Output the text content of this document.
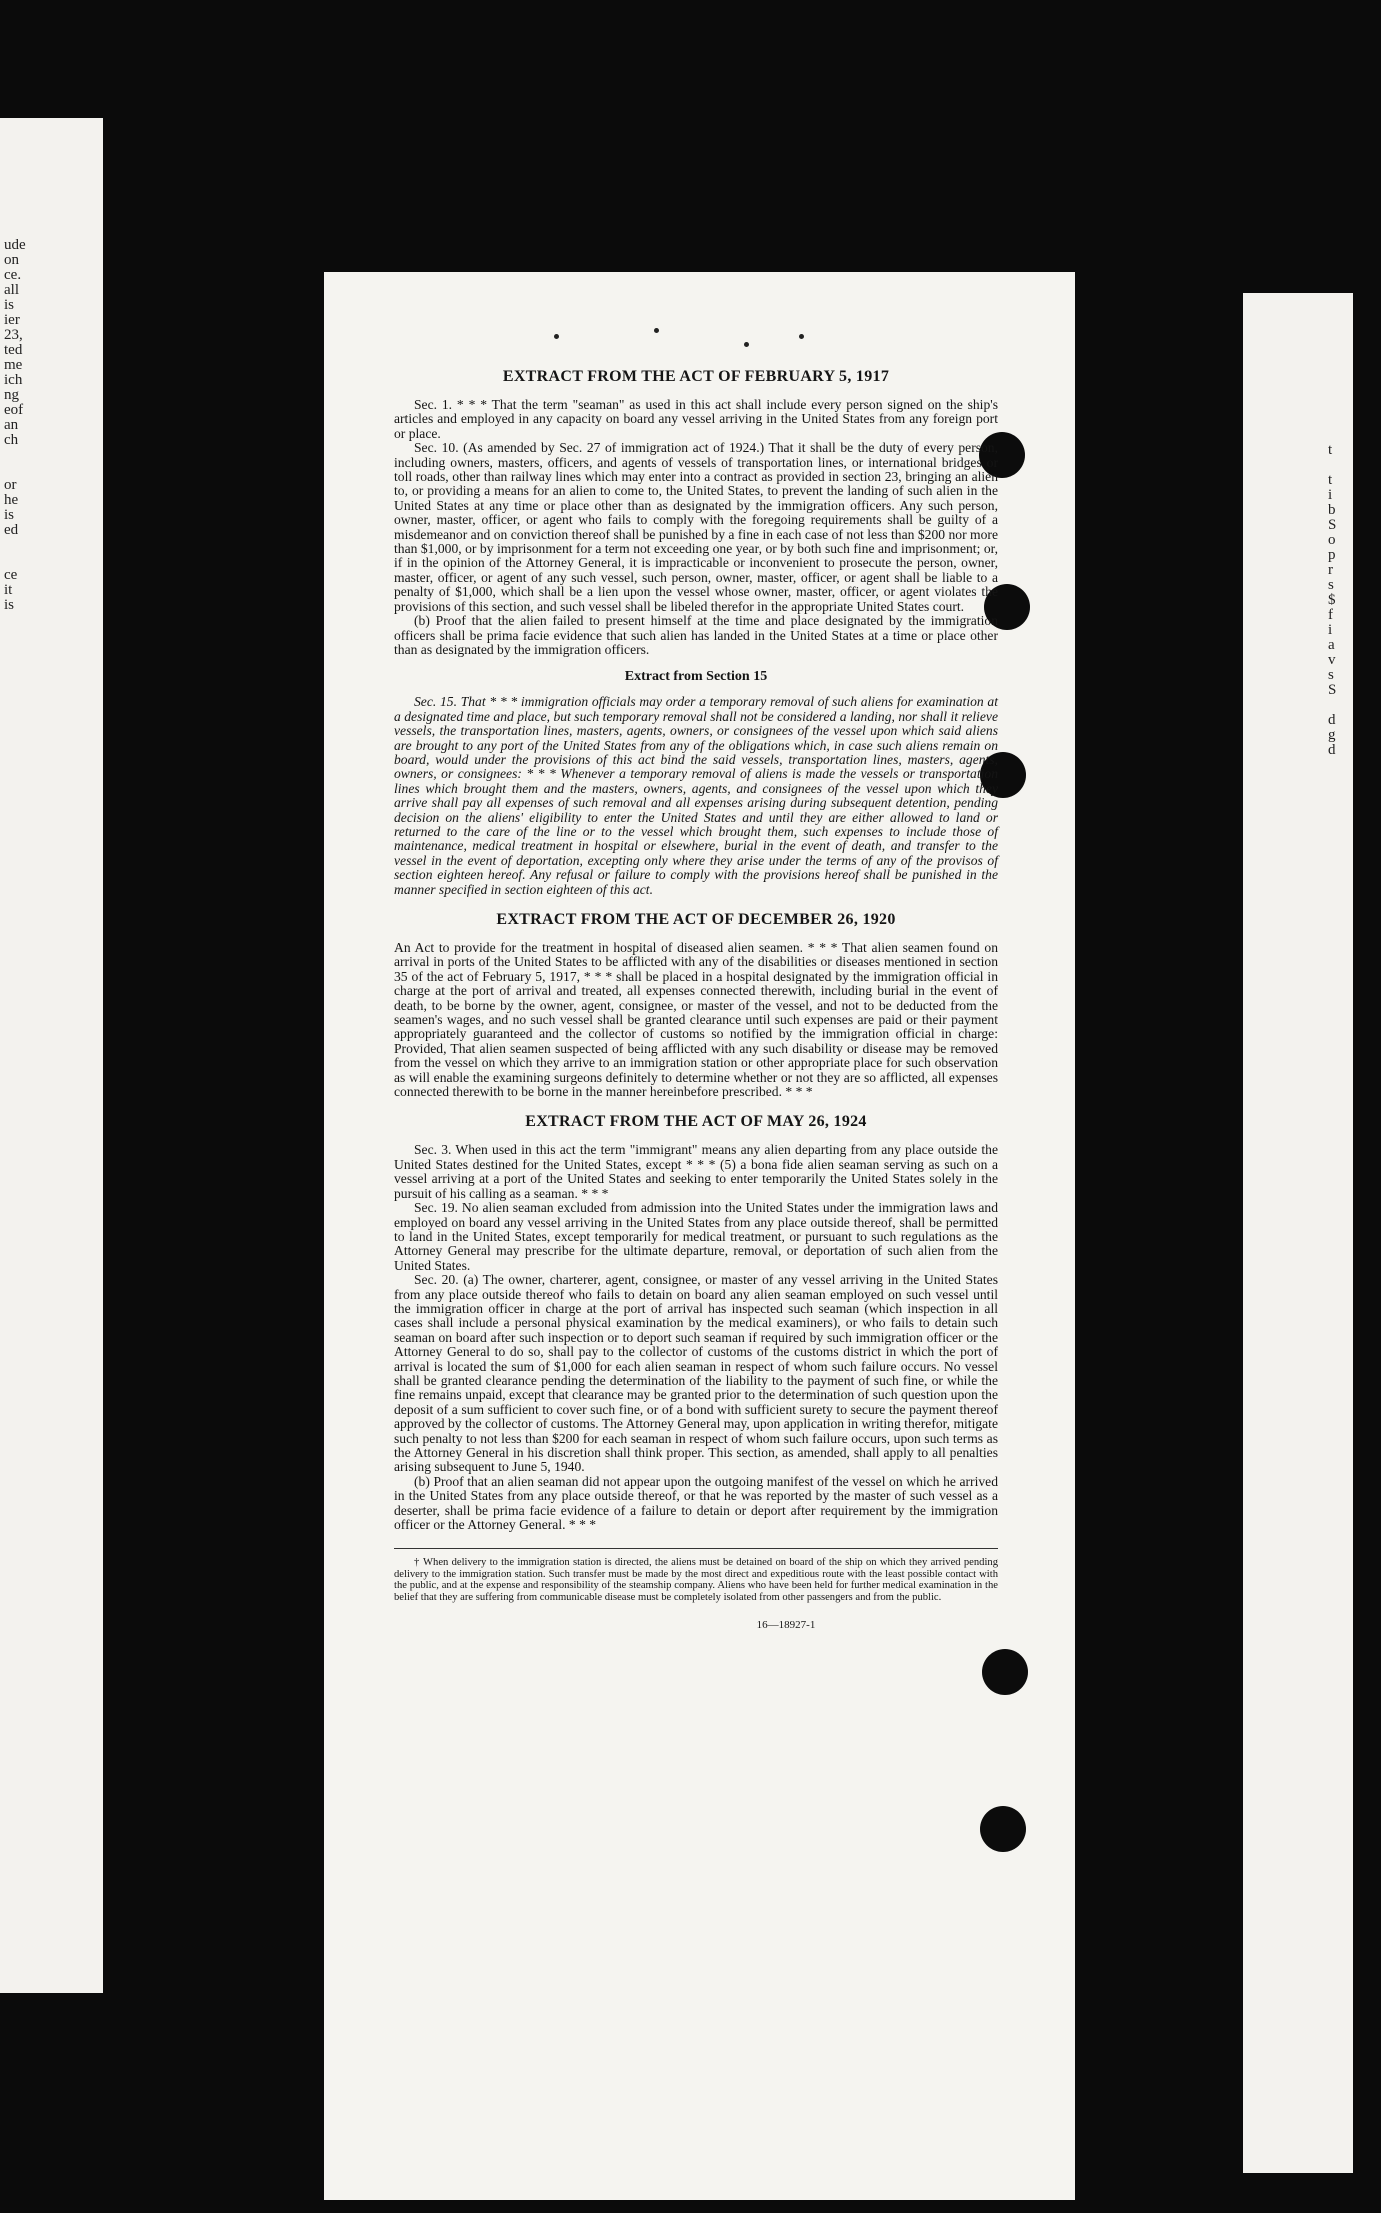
ude
on
ce.
all
is
ier
23,
ted
me
ich
ng
eof
an
ch

or
he
is
ed

ce
it
is
t

t
i
b
S
o
p
r
s
$
f
i
a
v
s
S

d
g
d
EXTRACT FROM THE ACT OF FEBRUARY 5, 1917

Sec. 1. * * * That the term "seaman" as used in this act shall include every person signed on the ship's articles and employed in any capacity on board any vessel arriving in the United States from any foreign port or place.

Sec. 10. (As amended by Sec. 27 of immigration act of 1924.) That it shall be the duty of every person, including owners, masters, officers, and agents of vessels of transportation lines, or international bridges or toll roads, other than railway lines which may enter into a contract as provided in section 23, bringing an alien to, or providing a means for an alien to come to, the United States, to prevent the landing of such alien in the United States at any time or place other than as designated by the immigration officers. Any such person, owner, master, officer, or agent who fails to comply with the foregoing requirements shall be guilty of a misdemeanor and on conviction thereof shall be punished by a fine in each case of not less than $200 nor more than $1,000, or by imprisonment for a term not exceeding one year, or by both such fine and imprisonment; or, if in the opinion of the Attorney General, it is impracticable or inconvenient to prosecute the person, owner, master, officer, or agent of any such vessel, such person, owner, master, officer, or agent shall be liable to a penalty of $1,000, which shall be a lien upon the vessel whose owner, master, officer, or agent violates the provisions of this section, and such vessel shall be libeled therefor in the appropriate United States court.

(b) Proof that the alien failed to present himself at the time and place designated by the immigration officers shall be prima facie evidence that such alien has landed in the United States at a time or place other than as designated by the immigration officers.

Extract from Section 15

Sec. 15. That * * * immigration officials may order a temporary removal of such aliens for examination at a designated time and place, but such temporary removal shall not be considered a landing, nor shall it relieve vessels, the transportation lines, masters, agents, owners, or consignees of the vessel upon which said aliens are brought to any port of the United States from any of the obligations which, in case such aliens remain on board, would under the provisions of this act bind the said vessels, transportation lines, masters, agents, owners, or consignees: * * * Whenever a temporary removal of aliens is made the vessels or transportation lines which brought them and the masters, owners, agents, and consignees of the vessel upon which they arrive shall pay all expenses of such removal and all expenses arising during subsequent detention, pending decision on the aliens' eligibility to enter the United States and until they are either allowed to land or returned to the care of the line or to the vessel which brought them, such expenses to include those of maintenance, medical treatment in hospital or elsewhere, burial in the event of death, and transfer to the vessel in the event of deportation, excepting only where they arise under the terms of any of the provisos of section eighteen hereof. Any refusal or failure to comply with the provisions hereof shall be punished in the manner specified in section eighteen of this act.

EXTRACT FROM THE ACT OF DECEMBER 26, 1920

An Act to provide for the treatment in hospital of diseased alien seamen. * * * That alien seamen found on arrival in ports of the United States to be afflicted with any of the disabilities or diseases mentioned in section 35 of the act of February 5, 1917, * * * shall be placed in a hospital designated by the immigration official in charge at the port of arrival and treated, all expenses connected therewith, including burial in the event of death, to be borne by the owner, agent, consignee, or master of the vessel, and not to be deducted from the seamen's wages, and no such vessel shall be granted clearance until such expenses are paid or their payment appropriately guaranteed and the collector of customs so notified by the immigration official in charge: Provided, That alien seamen suspected of being afflicted with any such disability or disease may be removed from the vessel on which they arrive to an immigration station or other appropriate place for such observation as will enable the examining surgeons definitely to determine whether or not they are so afflicted, all expenses connected therewith to be borne in the manner hereinbefore prescribed. * * *

EXTRACT FROM THE ACT OF MAY 26, 1924

Sec. 3. When used in this act the term "immigrant" means any alien departing from any place outside the United States destined for the United States, except * * * (5) a bona fide alien seaman serving as such on a vessel arriving at a port of the United States and seeking to enter temporarily the United States solely in the pursuit of his calling as a seaman. * * *

Sec. 19. No alien seaman excluded from admission into the United States under the immigration laws and employed on board any vessel arriving in the United States from any place outside thereof, shall be permitted to land in the United States, except temporarily for medical treatment, or pursuant to such regulations as the Attorney General may prescribe for the ultimate departure, removal, or deportation of such alien from the United States.

Sec. 20. (a) The owner, charterer, agent, consignee, or master of any vessel arriving in the United States from any place outside thereof who fails to detain on board any alien seaman employed on such vessel until the immigration officer in charge at the port of arrival has inspected such seaman (which inspection in all cases shall include a personal physical examination by the medical examiners), or who fails to detain such seaman on board after such inspection or to deport such seaman if required by such immigration officer or the Attorney General to do so, shall pay to the collector of customs of the customs district in which the port of arrival is located the sum of $1,000 for each alien seaman in respect of whom such failure occurs. No vessel shall be granted clearance pending the determination of the liability to the payment of such fine, or while the fine remains unpaid, except that clearance may be granted prior to the determination of such question upon the deposit of a sum sufficient to cover such fine, or of a bond with sufficient surety to secure the payment thereof approved by the collector of customs. The Attorney General may, upon application in writing therefor, mitigate such penalty to not less than $200 for each seaman in respect of whom such failure occurs, upon such terms as the Attorney General in his discretion shall think proper. This section, as amended, shall apply to all penalties arising subsequent to June 5, 1940.

(b) Proof that an alien seaman did not appear upon the outgoing manifest of the vessel on which he arrived in the United States from any place outside thereof, or that he was reported by the master of such vessel as a deserter, shall be prima facie evidence of a failure to detain or deport after requirement by the immigration officer or the Attorney General. * * *

† When delivery to the immigration station is directed, the aliens must be detained on board of the ship on which they arrived pending delivery to the immigration station. Such transfer must be made by the most direct and expeditious route with the least possible contact with the public, and at the expense and responsibility of the steamship company. Aliens who have been held for further medical examination in the belief that they are suffering from communicable disease must be completely isolated from other passengers and from the public.

16—18927-1
